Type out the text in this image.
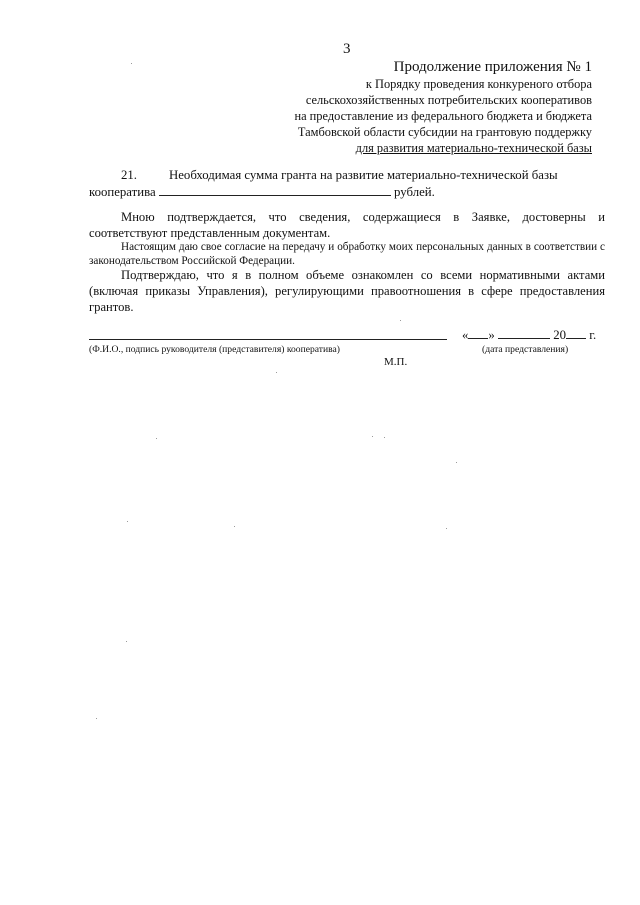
3
Продолжение приложения № 1
к Порядку проведения конкуреного отбора
сельскохозяйственных потребительских кооперативов
на предоставление из федерального бюджета и бюджета
Тамбовской области субсидии на грантовую поддержку
для развития материально-технической базы
21.	Необходимая сумма гранта на развитие материально-технической базы
кооператива	рублей.
Мною подтверждается, что сведения, содержащиеся в Заявке, достоверны и соответствуют представленным документам.
Настоящим даю свое согласие на передачу и обработку моих персональных данных в соответствии с законодательством Российской Федерации.
Подтверждаю, что я в полном объеме ознакомлен со всеми нормативными актами (включая приказы Управления), регулирующими правоотношения в сфере предоставления грантов.
« »	20 г.
(Ф.И.О., подпись руководителя (представителя) кооператива)	(дата представления)
М.П.
